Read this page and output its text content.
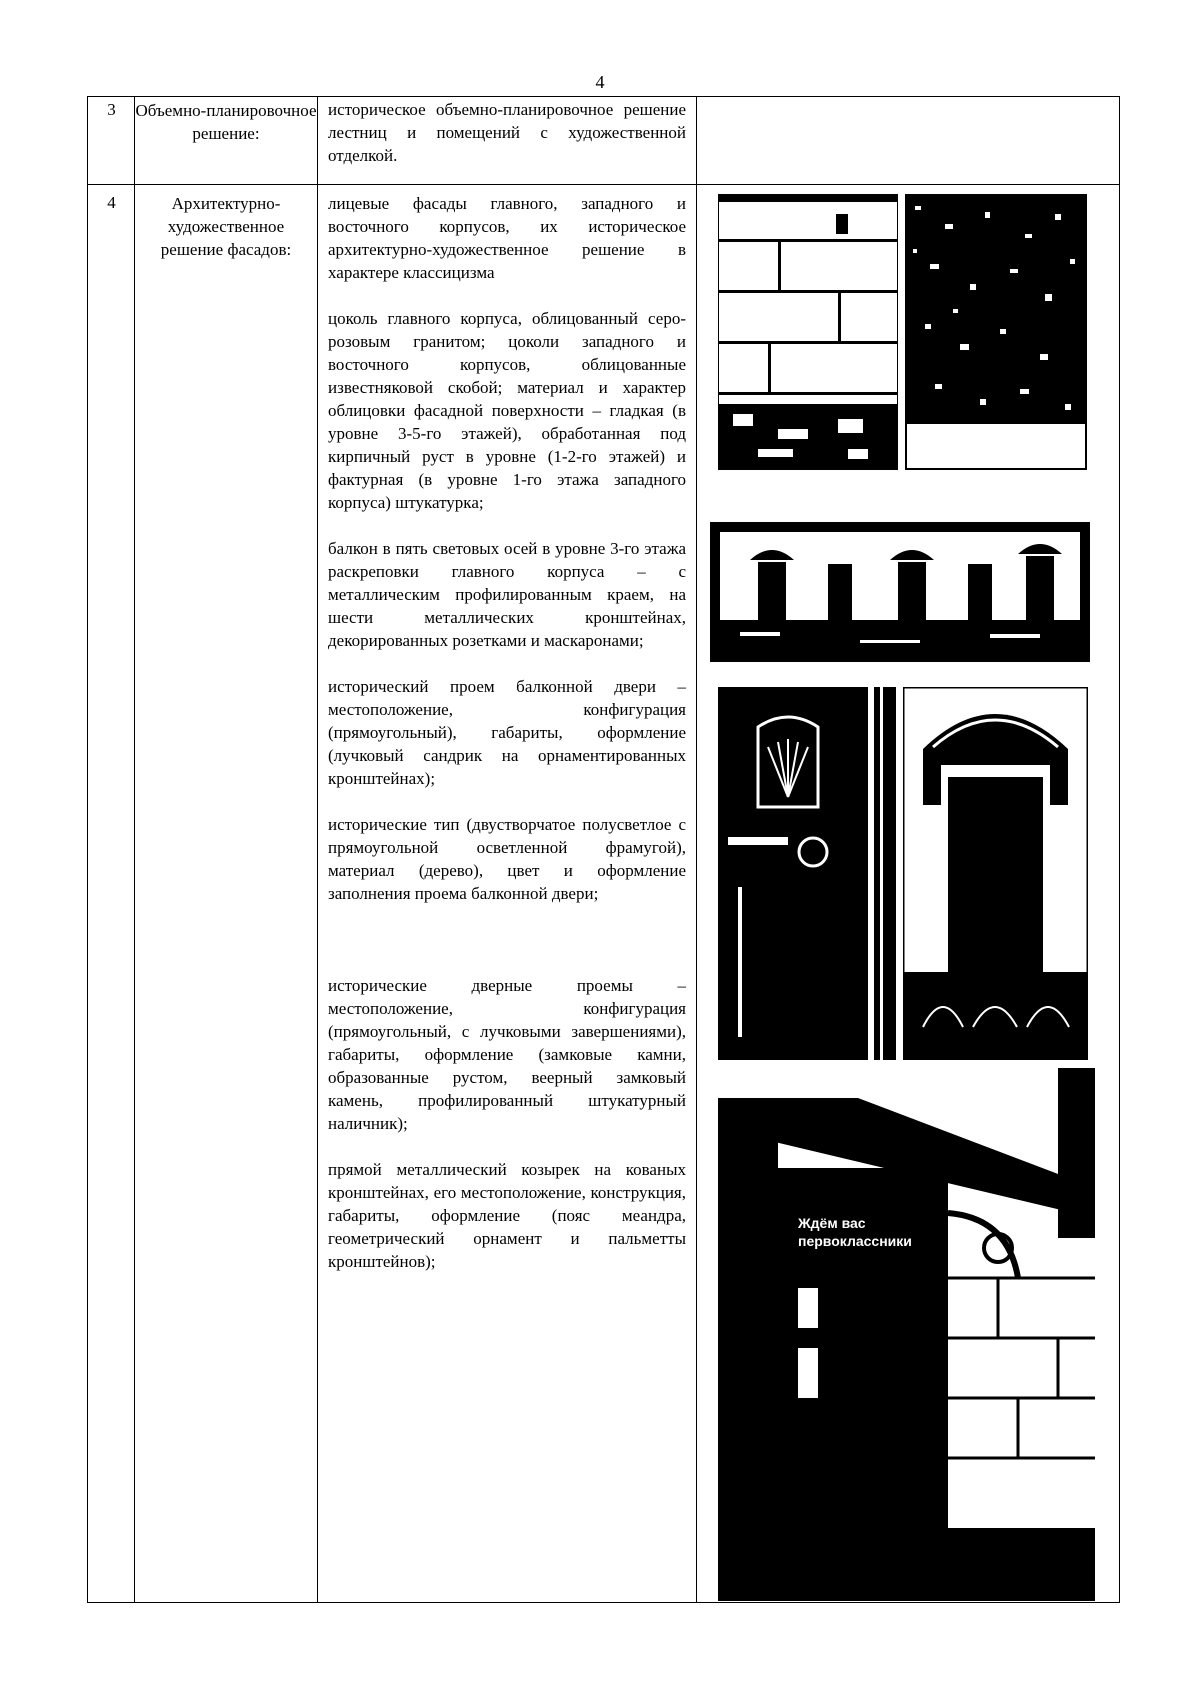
4
3	Объемно-планировочное решение:
4	Архитектурно-художественное решение фасадов:

историческое объемно-планировочное решение лестниц и помещений с художественной отделкой.

лицевые фасады главного, западного и восточного корпусов, их историческое архитектурно-художественное решение в характере классицизма

цоколь главного корпуса, облицованный серо-розовым гранитом; цоколи западного и восточного корпусов, облицованные известняковой скобой; материал и характер облицовки фасадной поверхности – гладкая (в уровне 3-5-го этажей), обработанная под кирпичный руст в уровне (1-2-го этажей) и фактурная (в уровне 1-го этажа западного корпуса) штукатурка;

балкон в пять световых осей в уровне 3-го этажа раскреповки главного корпуса – с металлическим профилированным краем, на шести металлических кронштейнах, декорированных розетками и маскаронами;

исторический проем балконной двери – местоположение, конфигурация (прямоугольный), габариты, оформление (лучковый сандрик на орнаментированных кронштейнах);

исторические тип (двустворчатое полусветлое с прямоугольной осветленной фрамугой), материал (дерево), цвет и оформление заполнения проема балконной двери;

исторические дверные проемы – местоположение, конфигурация (прямоугольный, с лучковыми завершениями), габариты, оформление (замковые камни, образованные рустом, веерный замковый камень, профилированный штукатурный наличник);

прямой металлический козырек на кованых кронштейнах, его местоположение, конструкция, габариты, оформление (пояс меандра, геометрический орнамент и пальметты кронштейнов);

Ждём вас первоклассники
